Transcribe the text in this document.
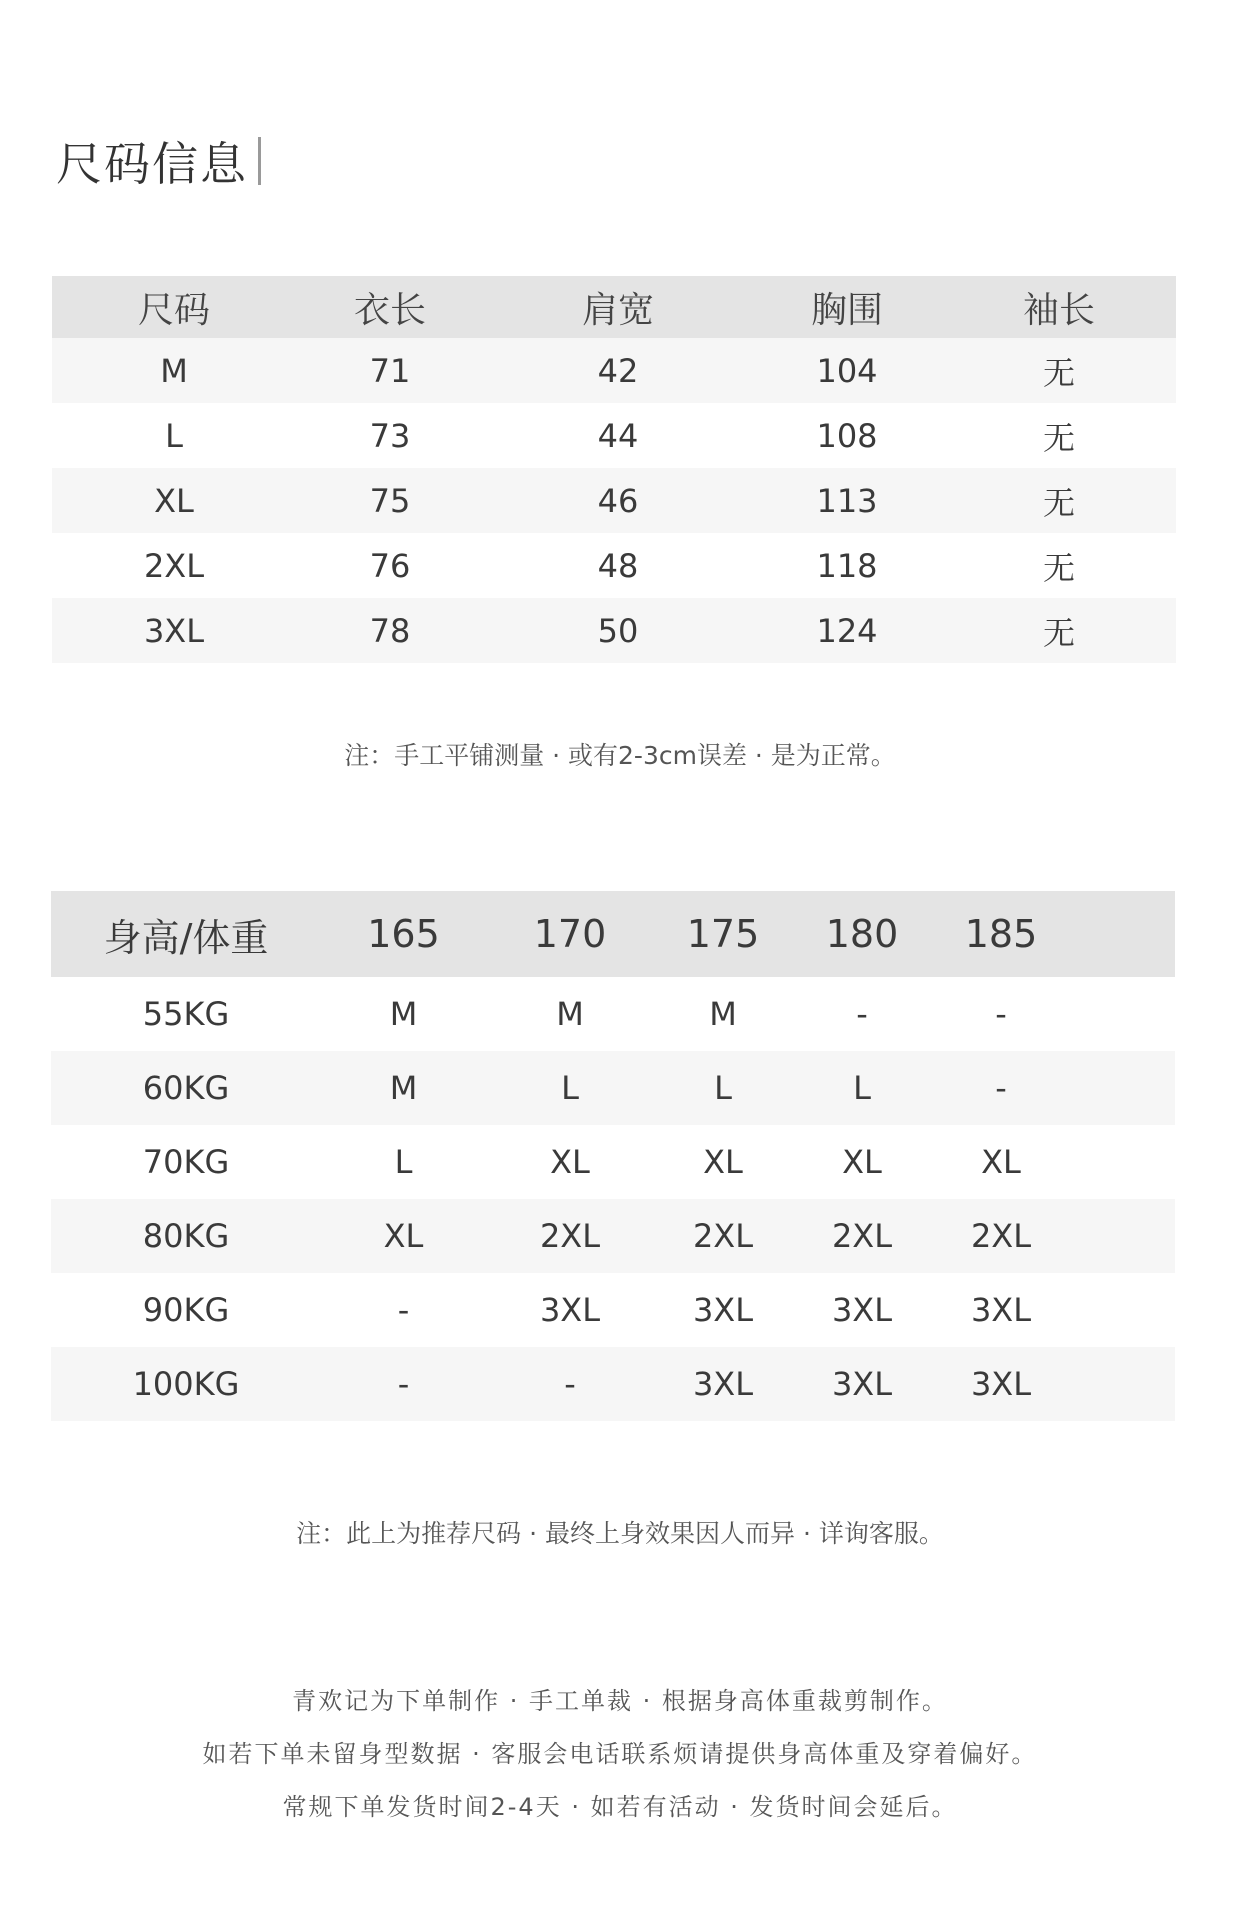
尺码信息
尺码	衣长	肩宽	胸围	袖长
M	71	42	104	无
L	73	44	108	无
XL	75	46	113	无
2XL	76	48	118	无
3XL	78	50	124	无
注：手工平铺测量 · 或有2-3cm误差 · 是为正常。
身高/体重	165	170	175	180	185
55KG	M	M	M	-	-
60KG	M	L	L	L	-
70KG	L	XL	XL	XL	XL
80KG	XL	2XL	2XL	2XL	2XL
90KG	-	3XL	3XL	3XL	3XL
100KG	-	-	3XL	3XL	3XL
注：此上为推荐尺码 · 最终上身效果因人而异 · 详询客服。
青欢记为下单制作 · 手工单裁 · 根据身高体重裁剪制作。
如若下单未留身型数据 · 客服会电话联系烦请提供身高体重及穿着偏好。
常规下单发货时间2-4天 · 如若有活动 · 发货时间会延后。
